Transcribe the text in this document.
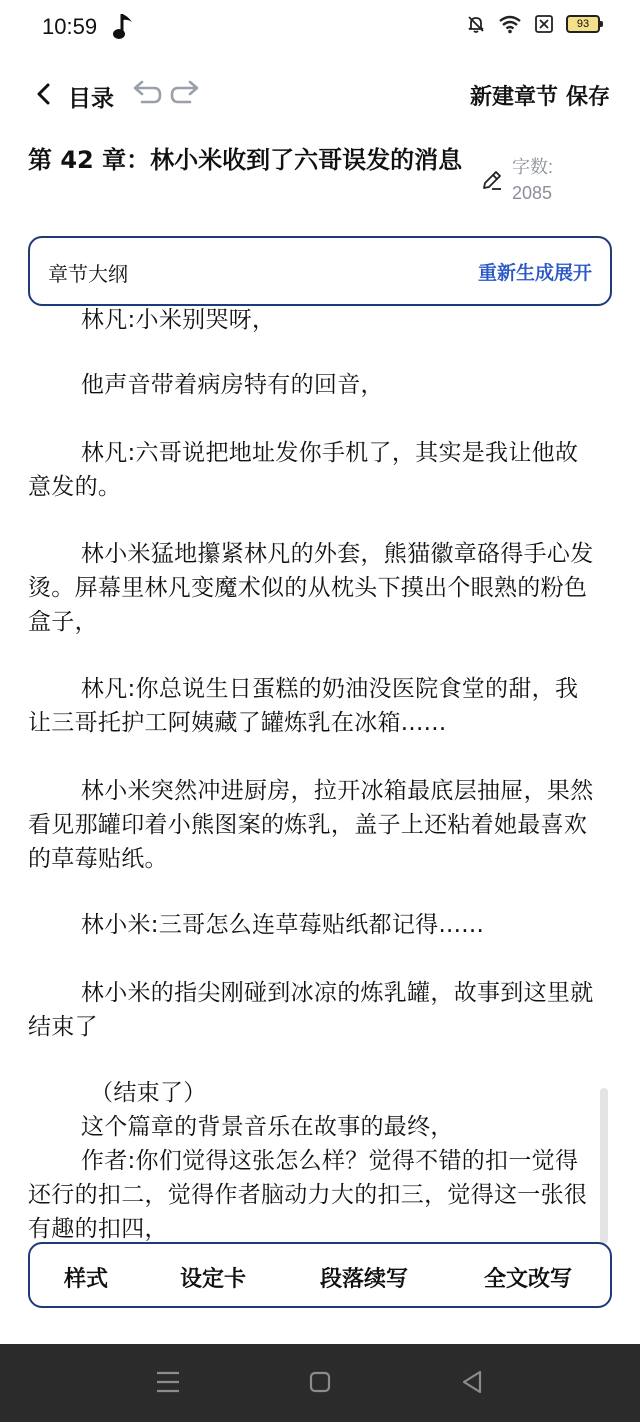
10:59	93
目录	新建章节 保存
第 42 章：林小米收到了六哥误发的消息	字数:
2085
章节大纲	重新生成展开

林凡:小米别哭呀，

他声音带着病房特有的回音，

林凡:六哥说把地址发你手机了，其实是我让他故意发的。

林小米猛地攥紧林凡的外套，熊猫徽章硌得手心发烫。屏幕里林凡变魔术似的从枕头下摸出个眼熟的粉色盒子，

林凡:你总说生日蛋糕的奶油没医院食堂的甜，我让三哥托护工阿姨藏了罐炼乳在冰箱......

林小米突然冲进厨房，拉开冰箱最底层抽屉，果然看见那罐印着小熊图案的炼乳，盖子上还粘着她最喜欢的草莓贴纸。

林小米:三哥怎么连草莓贴纸都记得......

林小米的指尖刚碰到冰凉的炼乳罐，故事到这里就结束了

（结束了）

这个篇章的背景音乐在故事的最终，

作者:你们觉得这张怎么样？觉得不错的扣一觉得还行的扣二，觉得作者脑动力大的扣三，觉得这一张很有趣的扣四，

样式	设定卡	段落续写	全文改写
